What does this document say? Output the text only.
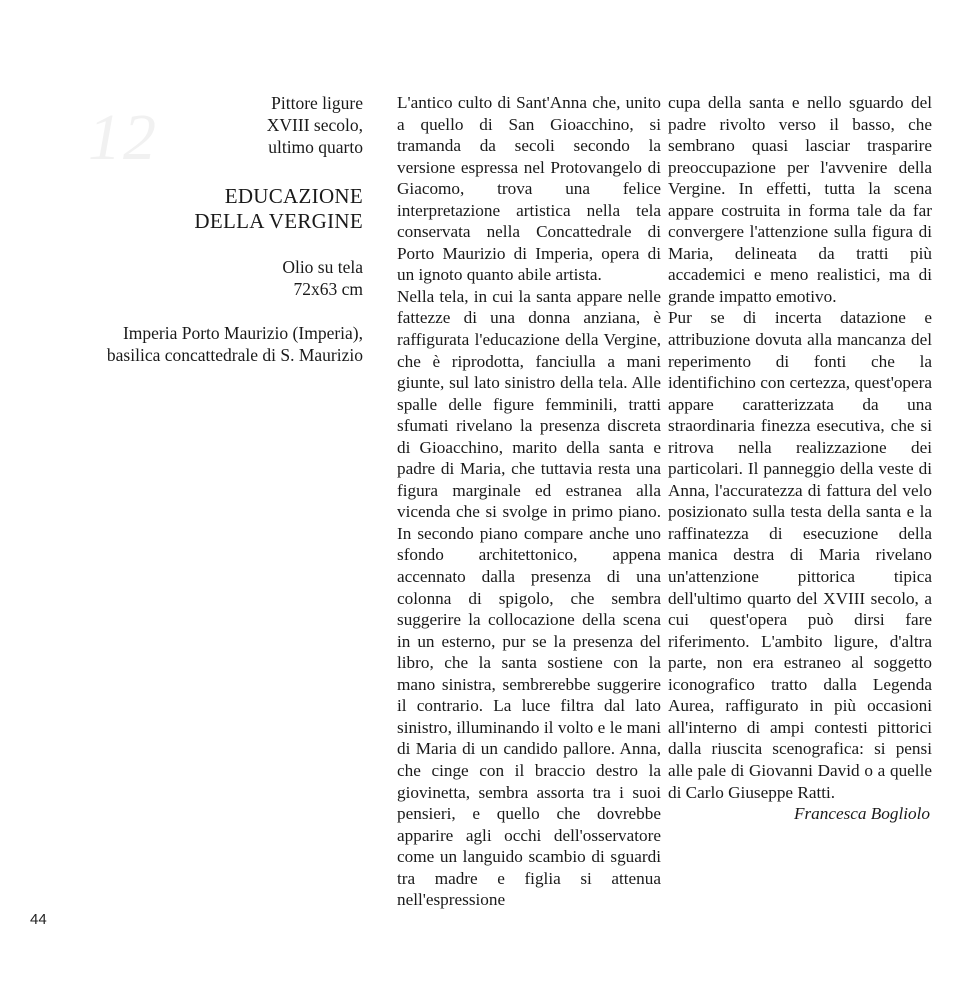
12	Pittore ligure
XVIII secolo,
ultimo quarto
EDUCAZIONE
DELLA VERGINE
Olio su tela
72x63 cm
Imperia Porto Maurizio (Imperia),
basilica concattedrale di S. Maurizio

L'antico culto di Sant'Anna che, unito a quello di San Gioacchino, si tramanda da secoli secondo la versione espressa nel Protovangelo di Giacomo, trova una felice interpretazione artistica nella tela conservata nella Concattedrale di Porto Maurizio di Imperia, opera di un ignoto quanto abile artista.

Nella tela, in cui la santa appare nelle fattezze di una donna anziana, è raffigurata l'educazione della Vergine, che è riprodotta, fanciulla a mani giunte, sul lato sinistro della tela. Alle spalle delle figure femminili, tratti sfumati rivelano la presenza discreta di Gioacchino, marito della santa e padre di Maria, che tuttavia resta una figura marginale ed estranea alla vicenda che si svolge in primo piano. In secondo piano compare anche uno sfondo architettonico, appena accennato dalla presenza di una colonna di spigolo, che sembra suggerire la collocazione della scena in un esterno, pur se la presenza del libro, che la santa sostiene con la mano sinistra, sembrerebbe suggerire il contrario. La luce filtra dal lato sinistro, illuminando il volto e le mani di Maria di un candido pallore. Anna, che cinge con il braccio destro la giovinetta, sembra assorta tra i suoi pensieri, e quello che dovrebbe apparire agli occhi dell'osservatore come un languido scambio di sguardi tra madre e figlia si attenua nell'espressione

cupa della santa e nello sguardo del padre rivolto verso il basso, che sembrano quasi lasciar trasparire preoccupazione per l'avvenire della Vergine. In effetti, tutta la scena appare costruita in forma tale da far convergere l'attenzione sulla figura di Maria, delineata da tratti più accademici e meno realistici, ma di grande impatto emotivo.

Pur se di incerta datazione e attribuzione dovuta alla mancanza del reperimento di fonti che la identifichino con certezza, quest'opera appare caratterizzata da una straordinaria finezza esecutiva, che si ritrova nella realizzazione dei particolari. Il panneggio della veste di Anna, l'accuratezza di fattura del velo posizionato sulla testa della santa e la raffinatezza di esecuzione della manica destra di Maria rivelano un'attenzione pittorica tipica dell'ultimo quarto del XVIII secolo, a cui quest'opera può dirsi fare riferimento. L'ambito ligure, d'altra parte, non era estraneo al soggetto iconografico tratto dalla Legenda Aurea, raffigurato in più occasioni all'interno di ampi contesti pittorici dalla riuscita scenografica: si pensi alle pale di Giovanni David o a quelle di Carlo Giuseppe Ratti.

Francesca Bogliolo
44
